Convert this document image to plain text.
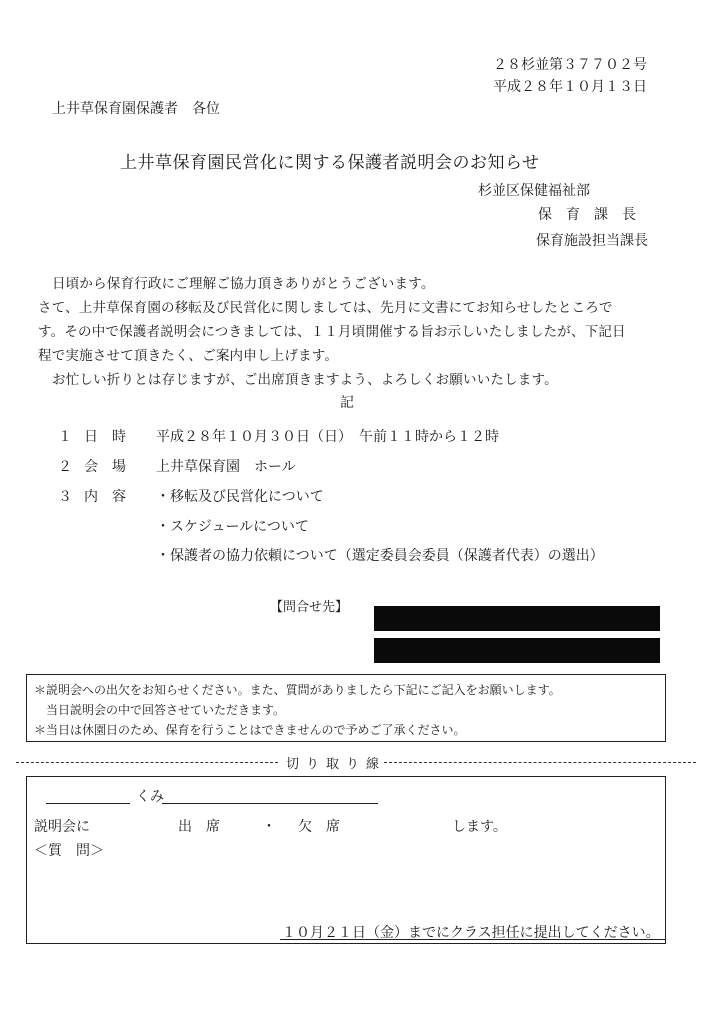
２８杉並第３７７０２号
平成２８年１０月１３日
上井草保育園保護者　各位
上井草保育園民営化に関する保護者説明会のお知らせ
杉並区保健福祉部
保育課長
保育施設担当課長
日頃から保育行政にご理解ご協力頂きありがとうございます。
さて、上井草保育園の移転及び民営化に関しましては、先月に文書にてお知らせしたところで
す。その中で保護者説明会につきましては、１１月頃開催する旨お示しいたしましたが、下記日
程で実施させて頂きたく、ご案内申し上げます。
お忙しい折りとは存じますが、ご出席頂きますよう、よろしくお願いいたします。
記
１ 日時 平成２８年１０月３０日（日）　午前１１時から１２時
２ 会場 上井草保育園　ホール
３ 内容 ・移転及び民営化について
・スケジュールについて
・保護者の協力依頼について（選定委員会委員（保護者代表）の選出）
【問合せ先】
＊説明会への出欠をお知らせください。また、質問がありましたら下記にご記入をお願いします。
当日説明会の中で回答させていただきます。
＊当日は休園日のため、保育を行うことはできませんので予めご了承ください。
切り取り線
くみ
説明会に	出席 ・ 欠席	します。
＜質　問＞
１０月２１日（金）までにクラス担任に提出してください。
